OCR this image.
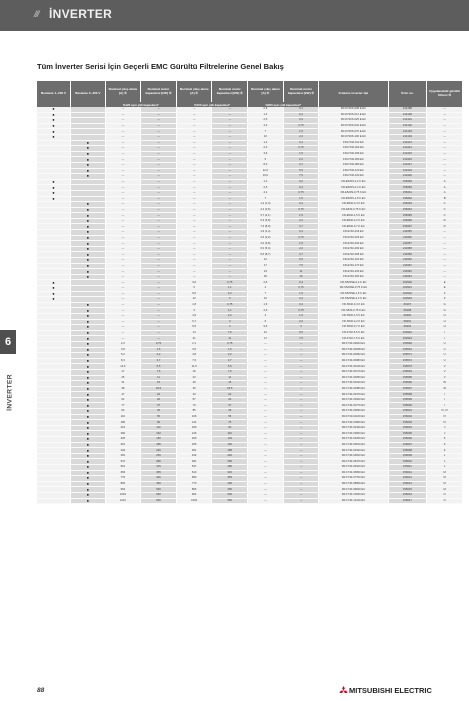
/// İNVERTER
6
İNVERTER
Tüm İnverter Serisi İçin Geçerli EMC Gürültü Filtrelerine Genel Bakış
Besleme 1~230 V	Besleme 3~400 V	Nominal çıkış akımı [A] ①	Nominal motor kapasitesi [kW] ②	Nominal çıkış akımı [A] ①	Nominal motor kapasitesi [kW] ②	Nominal çıkış akımı [A] ①	Nominal motor kapasitesi [kW] ②	Frekans inverter tipi	Ürün no.	Uygulanabilir gürültü filtresi ③
		%120 aşırı yük kapasitesi*		%150 aşırı yük kapasitesi*		%200 aşırı yük kapasitesi*				
●		—	—	—	—	0,8	0,1	FR-D720S-008 E EC	214188	—
●		—	—	—	—	1,4	0,2	FR-D720S-014 E EC	214190	—
●		—	—	—	—	2,5	0,4	FR-D720S-025 E EC	214191	—
●		—	—	—	—	4,2	0,75	FR-D720S-042 E EC	214192	—
●		—	—	—	—	7	1,5	FR-D720S-070 E EC	214193	—
●		—	—	—	—	10	2,2	FR-D720S-100 E EC	214194	—
	●	—	—	—	—	1,2	0,4	FR-D740-012 EC	212413	—
	●	—	—	—	—	2,2	0,75	FR-D740-022 EC	212414	—
	●	—	—	—	—	3,6	1,5	FR-D740-036 EC	212415	—
	●	—	—	—	—	5	2,2	FR-D740-050 EC	212416	—
	●	—	—	—	—	8,0	3,7	FR-D740-080 EC	212417	—
	●	—	—	—	—	12,0	5,5	FR-D740-120 EC	212419	—
	●	—	—	—	—	16,0	7,5	FR-D740-160 EC	212420	—
●		—	—	—	—	1,4	0,2	FR-E520S-0,2 K EC	158459	A
●		—	—	—	—	2,5	0,4	FR-E520S-0,4 K EC	158460	A
●		—	—	—	—	4,1	0,75	FR-E520S-0,75 K EC	158461	A
●		—	—	—	—	7	1,5	FR-E520S-1,5 K EC	158462	B
	●	—	—	—	—	1,2 (1,3)	0,4	FR-E540-0,4 K EC	158463	C
	●	—	—	—	—	2,2 (2,5)	0,75	FR-E540-0,75 K EC	158464	C
	●	—	—	—	—	3,7 (4,1)	1,5	FR-E540-1,5 K EC	158465	C
	●	—	—	—	—	5,3 (5,8)	2,2	FR-E540-2,2 K EC	158466	D
	●	—	—	—	—	7,3 (8,0)	3,7	FR-E540-3,7 K EC	158467	D
	●	—	—	—	—	1,6 (1,4)	0,4	FR-E740-016 EC	211955	—
	●	—	—	—	—	2,6 (2,2)	0,75	FR-E740-026 EC	211956	—
	●	—	—	—	—	4,0 (3,8)	1,5	FR-E740-040 EC	211957	—
	●	—	—	—	—	6,0 (5,4)	2,2	FR-E740-060 EC	211958	—
	●	—	—	—	—	9,5 (8,7)	3,7	FR-E740-095 EC	211959	—
	●	—	—	—	—	12	5,5	FR-E740-120 EC	211960	—
	●	—	—	—	—	17	7,5	FR-E740-170 EC	211961	—
	●	—	—	—	—	23	11	FR-E740-230 EC	211962	—
	●	—	—	—	—	30	15	FR-E740-300 EC	211963	—
●		—	—	3,6	0,75	2,5	0,4	FR-S520SE-0,4 K EC	162930	E
●		—	—	5	1,1	4	0,75	FR-S520SE-0,75 K EC	162931	E
●		—	—	9,6	2,2	7	1,5	FR-S520SE-1,5 K EC	162932	F
●		—	—	12	3	10	2,2	FR-S520SE-2,2 K EC	162933	F
	●	—	—	1,8	0,75	1,6	0,4	FR-S540-0,4 K EC	69197	G
	●	—	—	3	1,1	2,6	0,75	FR-S540-0,75 K EC	69198	G
	●	—	—	4,9	2,2	4	1,5	FR-S540-1,5 K EC	69200	H
	●	—	—	6,7	3	6	2,2	FR-S540-2,2 K EC	69201	H
	●	—	—	9,5	4	9,5	4	FR-S540-3,7 K EC	69204	H
	●	—	—	14	7,5	12	5,5	FR-F740-5,5 K EC	162942	I
	●	—	—	21	11	17	7,5	FR-F740-7,5 K EC	162943	I
	●	2,3	0,75	2,1	0,75	—	—	FR-F740-00023 EC	156590	U
	●	3,8	1,5	3,5	1,5	—	—	FR-F740-00038 EC	156591	U
	●	5,2	2,2	4,8	2,2	—	—	FR-F740-00052 EC	156571	U
	●	8,3	3,7	7,6	3,7	—	—	FR-F740-00083 EC	156572	U
	●	12,6	5,5	11,5	5,5	—	—	FR-F740-00126 EC	156573	V
	●	17	7,5	16	7,5	—	—	FR-F740-00170 EC	156594	V
	●	25	11	23	11	—	—	FR-F740-00250 EC	156595	V
	●	31	15	29	15	—	—	FR-F740-00310 EC	156596	W
	●	38	18,5	35	18,5	—	—	FR-F740-00380 EC	156597	W
	●	47	22	43	22	—	—	FR-F740-00470 EC	156598	I
	●	62	30	57	30	—	—	FR-F740-00620 EC	156599	I
	●	77	37	70	37	—	—	FR-F740-00770 EC	156600	I
	●	93	45	85	45	—	—	FR-F740-00930 EC	156601	III, IV
	●	116	55	106	55	—	—	FR-F740-01160 EC	156602	IV
	●	180	90	144	75	—	—	FR-F740-01800 EC	156603	IV
	●	216	110	180	90	—	—	FR-F740-02160 EC	156604	J
	●	260	132	216	110	—	—	FR-F740-02600 EC	156605	J
	●	325	160	260	132	—	—	FR-F740-03250 EC	156606	K
	●	361	185	325	160	—	—	FR-F740-03610 EC	156607	K
	●	432	220	361	185	—	—	FR-F740-04320 EC	156608	K
	●	481	250	432	220	—	—	FR-F740-04810 EC	156609	L
	●	547	280	481	250	—	—	FR-F740-05470 EC	156610	L
	●	610	315	547	280	—	—	FR-F740-06100 EC	156611	L
	●	683	355	610	315	—	—	FR-F740-06830 EC	156612	M
	●	770	400	683	355	—	—	FR-F740-07700 EC	156613	M
	●	866	450	770	400	—	—	FR-F740-08660 EC	156614	M
	●	962	500	866	450	—	—	FR-F740-09620 EC	156615	M
	●	1094	560	962	500	—	—	FR-F740-10940 EC	156616	N
	●	1212	630	1094	560	—	—	FR-F740-12120 EC	156617	N
88	MITSUBISHI ELECTRIC
